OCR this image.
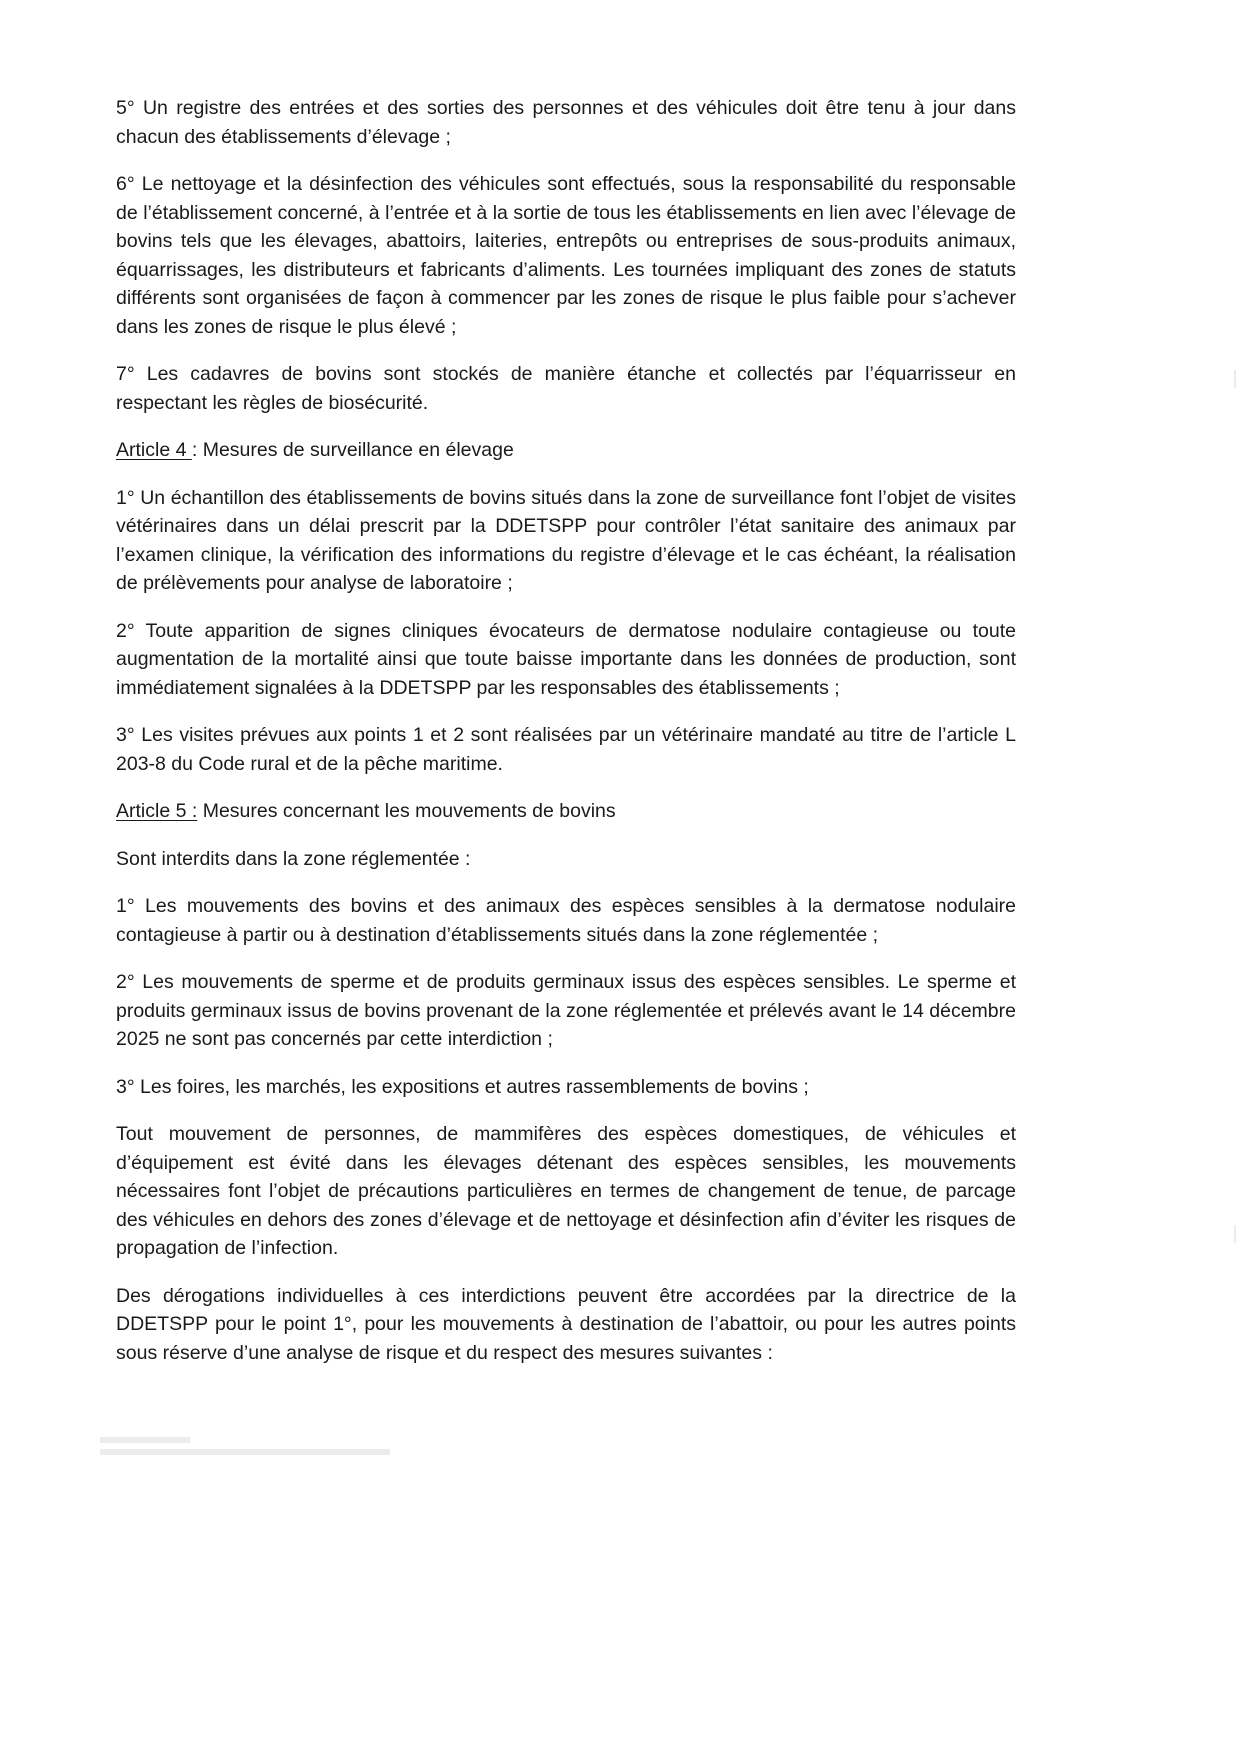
5° Un registre des entrées et des sorties des personnes et des véhicules doit être tenu à jour dans chacun des établissements d’élevage ;

6° Le nettoyage et la désinfection des véhicules sont effectués, sous la responsabilité du responsable de l’établissement concerné, à l’entrée et à la sortie de tous les établissements en lien avec l’élevage de bovins tels que les élevages, abattoirs, laiteries, entrepôts ou entreprises de sous-produits animaux, équarrissages, les distributeurs et fabricants d’aliments. Les tournées impliquant des zones de statuts différents sont organisées de façon à commencer par les zones de risque le plus faible pour s’achever dans les zones de risque le plus élevé ;

7° Les cadavres de bovins sont stockés de manière étanche et collectés par l’équarrisseur en respectant les règles de biosécurité.

Article 4 : Mesures de surveillance en élevage

1° Un échantillon des établissements de bovins situés dans la zone de surveillance font l’objet de visites vétérinaires dans un délai prescrit par la DDETSPP pour contrôler l’état sanitaire des animaux par l’examen clinique, la vérification des informations du registre d’élevage et le cas échéant, la réalisation de prélèvements pour analyse de laboratoire ;

2° Toute apparition de signes cliniques évocateurs de dermatose nodulaire contagieuse ou toute augmentation de la mortalité ainsi que toute baisse importante dans les données de production, sont immédiatement signalées à la DDETSPP par les responsables des établissements ;

3° Les visites prévues aux points 1 et 2 sont réalisées par un vétérinaire mandaté au titre de l’article L 203-8 du Code rural et de la pêche maritime.

Article 5 : Mesures concernant les mouvements de bovins

Sont interdits dans la zone réglementée :

1° Les mouvements des bovins et des animaux des espèces sensibles à la dermatose nodulaire contagieuse à partir ou à destination d’établissements situés dans la zone réglementée ;

2° Les mouvements de sperme et de produits germinaux issus des espèces sensibles. Le sperme et produits germinaux issus de bovins provenant de la zone réglementée et prélevés avant le 14 décembre 2025 ne sont pas concernés par cette interdiction ;

3° Les foires, les marchés, les expositions et autres rassemblements de bovins ;

Tout mouvement de personnes, de mammifères des espèces domestiques, de véhicules et d’équipement est évité dans les élevages détenant des espèces sensibles, les mouvements nécessaires font l’objet de précautions particulières en termes de changement de tenue, de parcage des véhicules en dehors des zones d’élevage et de nettoyage et désinfection afin d’éviter les risques de propagation de l’infection.

Des dérogations individuelles à ces interdictions peuvent être accordées par la directrice de la DDETSPP pour le point 1°, pour les mouvements à destination de l’abattoir, ou pour les autres points sous réserve d’une analyse de risque et du respect des mesures suivantes :
